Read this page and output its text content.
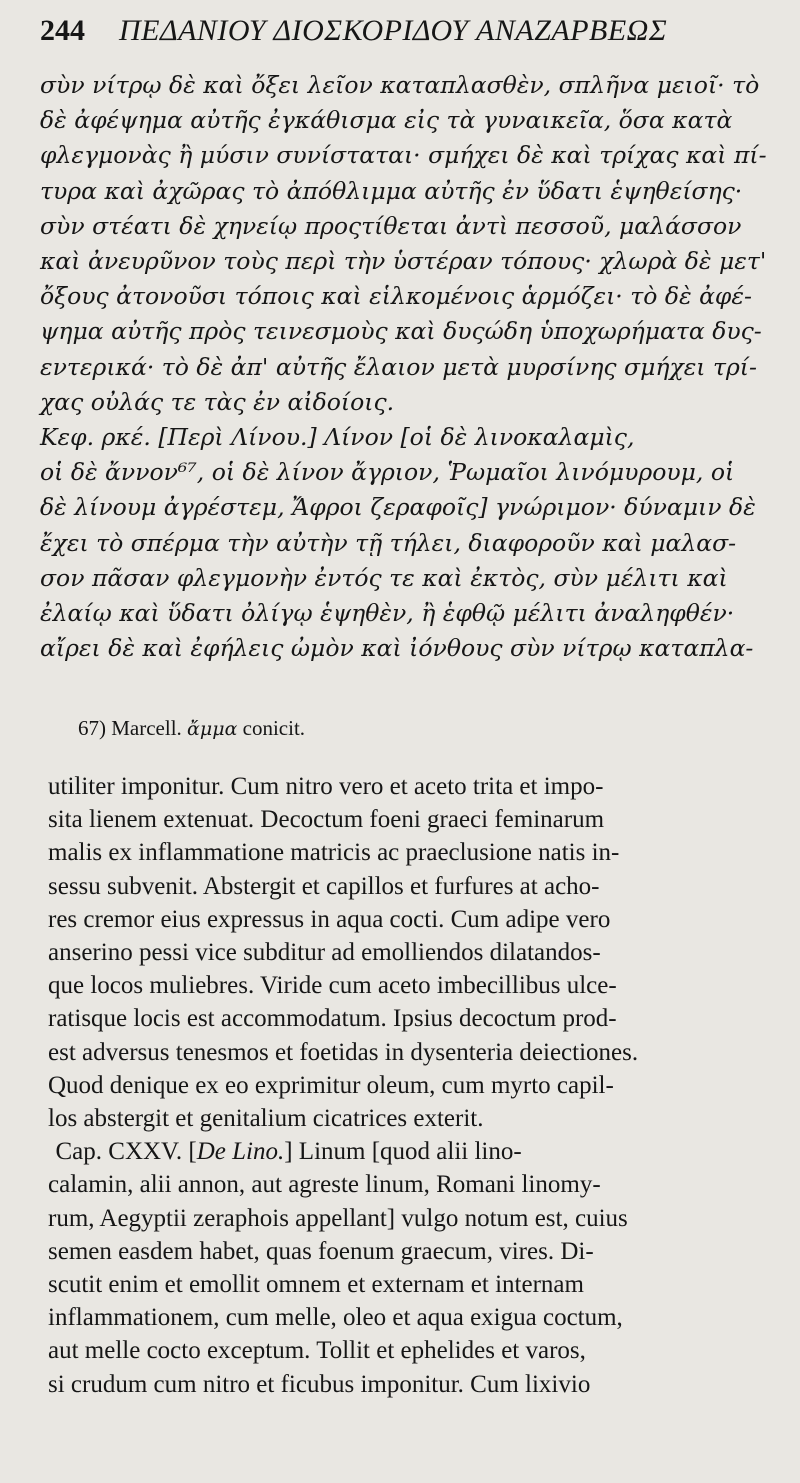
244 ΠΕΔΑΝΙΟΥ ΔΙΟΣΚΟΡΙΔΟΥ ΑΝΑΖΑΡΒΕΩΣ
σὺν νίτρῳ δὲ καὶ ὄξει λεῖον καταπλασθὲν, σπλῆνα μειοῖ· τὸ
δὲ ἀφέψημα αὐτῆς ἐγκάθισμα εἰς τὰ γυναικεῖα, ὅσα κατὰ
φλεγμονὰς ἢ μύσιν συνίσταται· σμήχει δὲ καὶ τρίχας καὶ πί-
τυρα καὶ ἀχῶρας τὸ ἀπόθλιμμα αὐτῆς ἐν ὕδατι ἑψηθείσης·
σὺν στέατι δὲ χηνείῳ προςτίθεται ἀντὶ πεσσοῦ, μαλάσσον
καὶ ἀνευρῦνον τοὺς περὶ τὴν ὑστέραν τόπους· χλωρὰ δὲ μετ'
ὄξους ἀτονοῦσι τόποις καὶ εἱλκομένοις ἁρμόζει· τὸ δὲ ἀφέ-
ψημα αὐτῆς πρὸς τεινεσμοὺς καὶ δυςώδη ὑποχωρήματα δυς-
εντερικά· τὸ δὲ ἀπ' αὐτῆς ἔλαιον μετὰ μυρσίνης σμήχει τρί-
χας οὐλάς τε τὰς ἐν αἰδοίοις.
Κεφ. ρκέ. [Περὶ Λίνου.] Λίνον [οἱ δὲ λινοκαλαμὶς,
οἱ δὲ ἄννον⁶⁷, οἱ δὲ λίνον ἄγριον, Ῥωμαῖοι λινόμυρουμ, οἱ
δὲ λίνουμ ἀγρέστεμ, Ἄφροι ζεραφοῖς] γνώριμον· δύναμιν δὲ
ἔχει τὸ σπέρμα τὴν αὐτὴν τῇ τήλει, διαφοροῦν καὶ μαλασ-
σον πᾶσαν φλεγμονὴν ἐντός τε καὶ ἐκτὸς, σὺν μέλιτι καὶ
ἐλαίῳ καὶ ὕδατι ὀλίγῳ ἑψηθὲν, ἢ ἑφθῷ μέλιτι ἀναληφθέν·
αἴρει δὲ καὶ ἐφήλεις ὠμὸν καὶ ἰόνθους σὺν νίτρῳ καταπλα-
67) Marcell. ἄμμα conicit.
utiliter imponitur. Cum nitro vero et aceto trita et impo-
sita lienem extenuat. Decoctum foeni graeci feminarum
malis ex inflammatione matricis ac praeclusione natis in-
sessu subvenit. Abstergit et capillos et furfures at acho-
res cremor eius expressus in aqua cocti. Cum adipe vero
anserino pessi vice subditur ad emolliendos dilatandos-
que locos muliebres. Viride cum aceto imbecillibus ulce-
ratisque locis est accommodatum. Ipsius decoctum prod-
est adversus tenesmos et foetidas in dysenteria deiectiones.
Quod denique ex eo exprimitur oleum, cum myrto capil-
los abstergit et genitalium cicatrices exterit.
Cap. CXXV. [De Lino.] Linum [quod alii lino-
calamin, alii annon, aut agreste linum, Romani linomy-
rum, Aegyptii zeraphois appellant] vulgo notum est, cuius
semen easdem habet, quas foenum graecum, vires. Di-
scutit enim et emollit omnem et externam et internam
inflammationem, cum melle, oleo et aqua exigua coctum,
aut melle cocto exceptum. Tollit et ephelides et varos,
si crudum cum nitro et ficubus imponitur. Cum lixivio
